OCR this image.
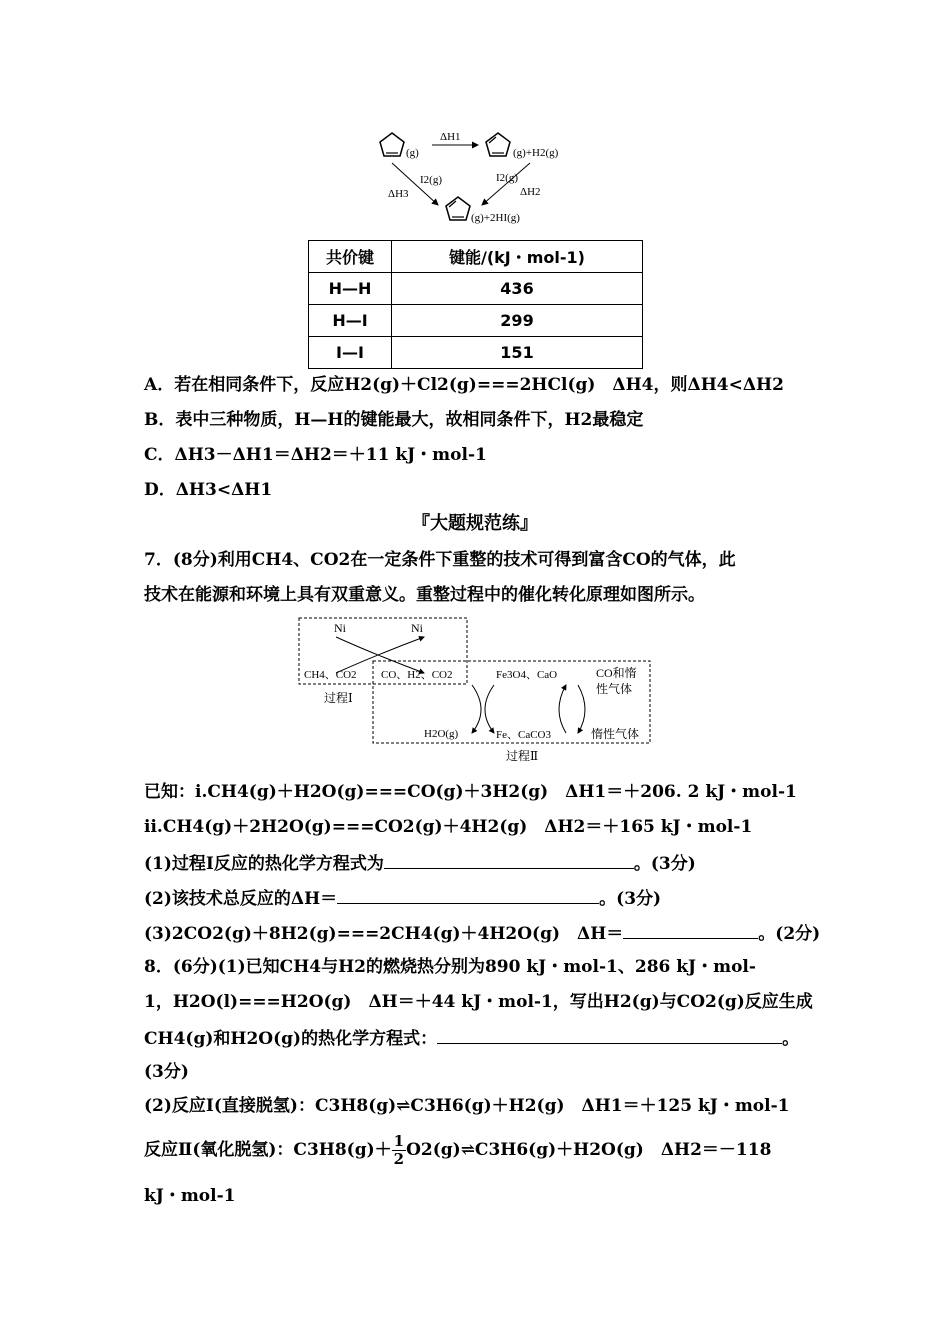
(g)
ΔH1
(g)+H2(g)
I2(g)
ΔH3
I2(g)
ΔH2
(g)+2HI(g)
共价键	键能/(kJ・mol-1)
H—H	436
H—I	299
I—I	151
A．若在相同条件下，反应H2(g)＋Cl2(g)===2HCl(g)　ΔH4，则ΔH4<ΔH2
B．表中三种物质，H—H的键能最大，故相同条件下，H2最稳定
C．ΔH3－ΔH1＝ΔH2＝＋11 kJ・mol-1
D．ΔH3<ΔH1
『大题规范练』
7．(8分)利用CH4、CO2在一定条件下重整的技术可得到富含CO的气体，此
技术在能源和环境上具有双重意义。重整过程中的催化转化原理如图所示。
Ni	Ni
CH4、CO2 CO、H2、CO2
过程Ⅰ
Fe3O4、CaO
Fe、CaCO3
H2O(g)
CO和惰
性气体
惰性气体
过程Ⅱ
已知：ⅰ.CH4(g)＋H2O(g)===CO(g)＋3H2(g)　ΔH1＝＋206. 2 kJ・mol-1
ⅱ.CH4(g)＋2H2O(g)===CO2(g)＋4H2(g)　ΔH2＝＋165 kJ・mol-1
(1)过程Ⅰ反应的热化学方程式为	。(3分)
(2)该技术总反应的ΔH＝	。(3分)
(3)2CO2(g)＋8H2(g)===2CH4(g)＋4H2O(g)　ΔH＝	。(2分)
8．(6分)(1)已知CH4与H2的燃烧热分别为890 kJ・mol-1、286 kJ・mol-
1，H2O(l)===H2O(g)　ΔH＝＋44 kJ・mol-1，写出H2(g)与CO2(g)反应生成
CH4(g)和H2O(g)的热化学方程式：	。
(3分)
(2)反应Ⅰ(直接脱氢)：C3H8(g)⇌C3H6(g)＋H2(g)　ΔH1＝＋125 kJ・mol-1
反应Ⅱ(氧化脱氢)：$C3H8(g)+ \frac{1}{2}$ O2(g)⇌C3H6(g)＋H2O(g)　ΔH2＝－118
kJ・mol-1
